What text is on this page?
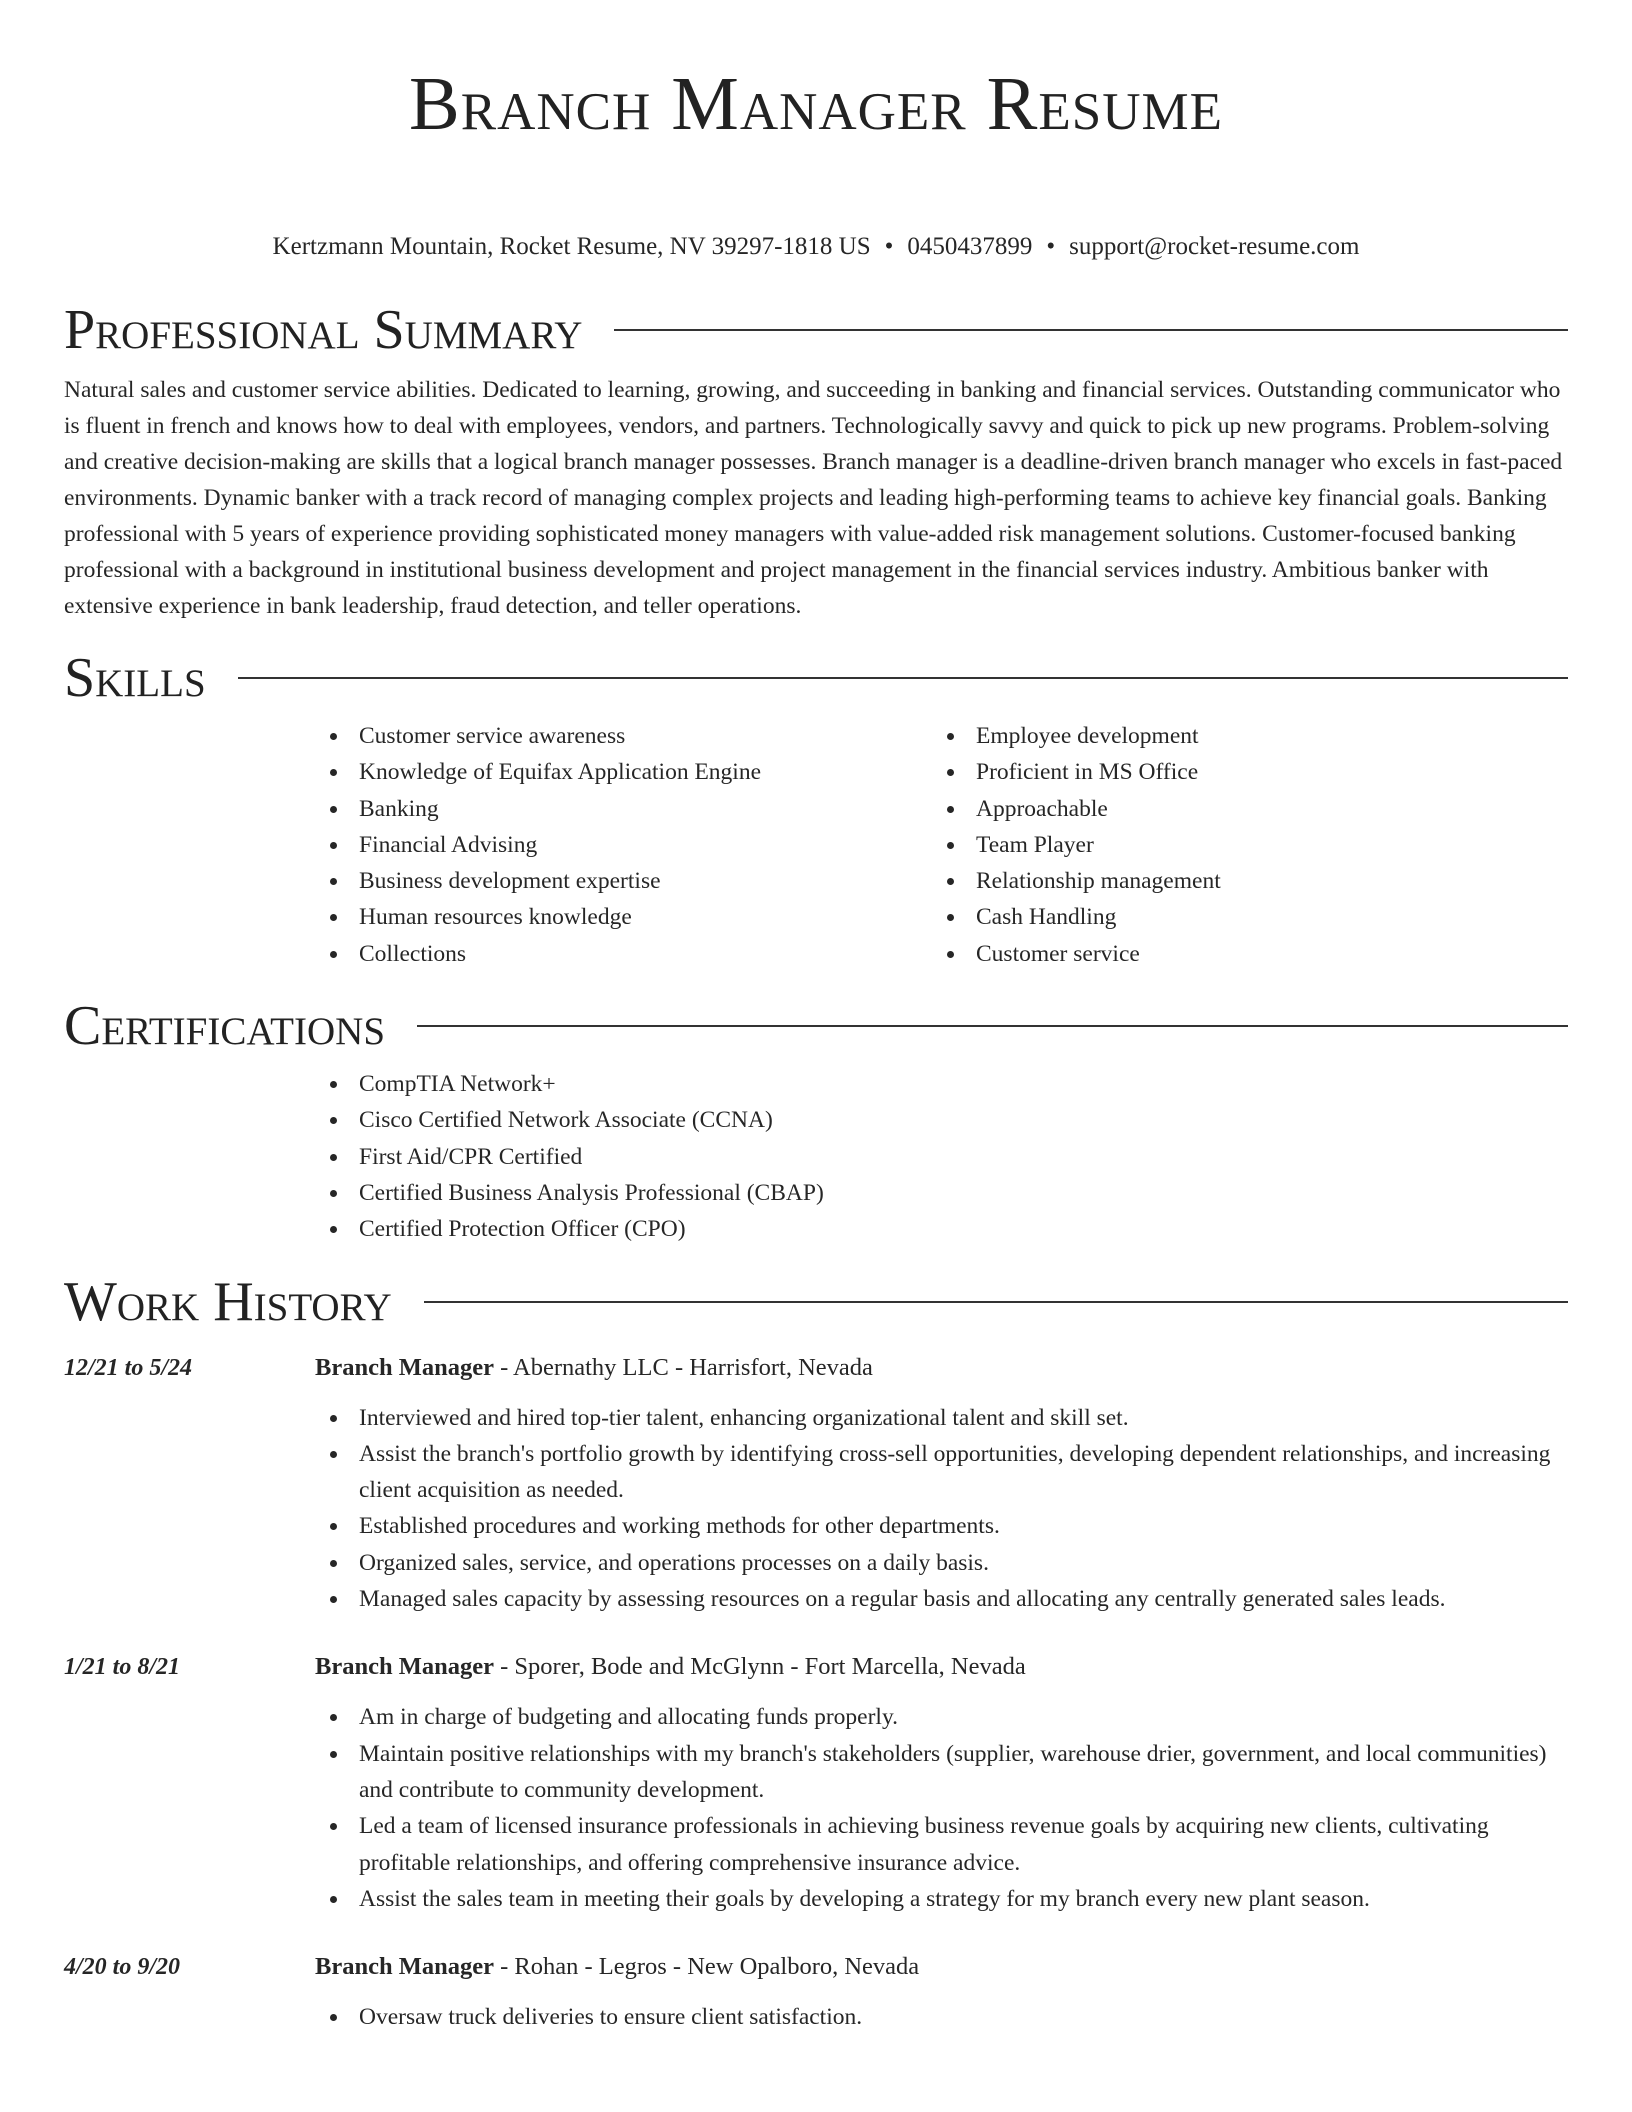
Branch Manager Resume
Kertzmann Mountain, Rocket Resume, NV 39297-1818 US • 0450437899 • support@rocket-resume.com
Professional Summary

Natural sales and customer service abilities. Dedicated to learning, growing, and succeeding in banking and financial services. Outstanding communicator who is fluent in french and knows how to deal with employees, vendors, and partners. Technologically savvy and quick to pick up new programs. Problem-solving and creative decision-making are skills that a logical branch manager possesses. Branch manager is a deadline-driven branch manager who excels in fast-paced environments. Dynamic banker with a track record of managing complex projects and leading high-performing teams to achieve key financial goals. Banking professional with 5 years of experience providing sophisticated money managers with value-added risk management solutions. Customer-focused banking professional with a background in institutional business development and project management in the financial services industry. Ambitious banker with extensive experience in bank leadership, fraud detection, and teller operations.

Skills
Customer service awareness
Knowledge of Equifax Application Engine
Banking
Financial Advising
Business development expertise
Human resources knowledge
Collections
Employee development
Proficient in MS Office
Approachable
Team Player
Relationship management
Cash Handling
Customer service
Certifications
CompTIA Network+
Cisco Certified Network Associate (CCNA)
First Aid/CPR Certified
Certified Business Analysis Professional (CBAP)
Certified Protection Officer (CPO)
Work History
12/21 to 5/24	Branch Manager - Abernathy LLC - Harrisfort, Nevada
Interviewed and hired top-tier talent, enhancing organizational talent and skill set.
Assist the branch's portfolio growth by identifying cross-sell opportunities, developing dependent relationships, and increasing client acquisition as needed.
Established procedures and working methods for other departments.
Organized sales, service, and operations processes on a daily basis.
Managed sales capacity by assessing resources on a regular basis and allocating any centrally generated sales leads.
1/21 to 8/21	Branch Manager - Sporer, Bode and McGlynn - Fort Marcella, Nevada
Am in charge of budgeting and allocating funds properly.
Maintain positive relationships with my branch's stakeholders (supplier, warehouse drier, government, and local communities) and contribute to community development.
Led a team of licensed insurance professionals in achieving business revenue goals by acquiring new clients, cultivating profitable relationships, and offering comprehensive insurance advice.
Assist the sales team in meeting their goals by developing a strategy for my branch every new plant season.
4/20 to 9/20	Branch Manager - Rohan - Legros - New Opalboro, Nevada
Oversaw truck deliveries to ensure client satisfaction.
